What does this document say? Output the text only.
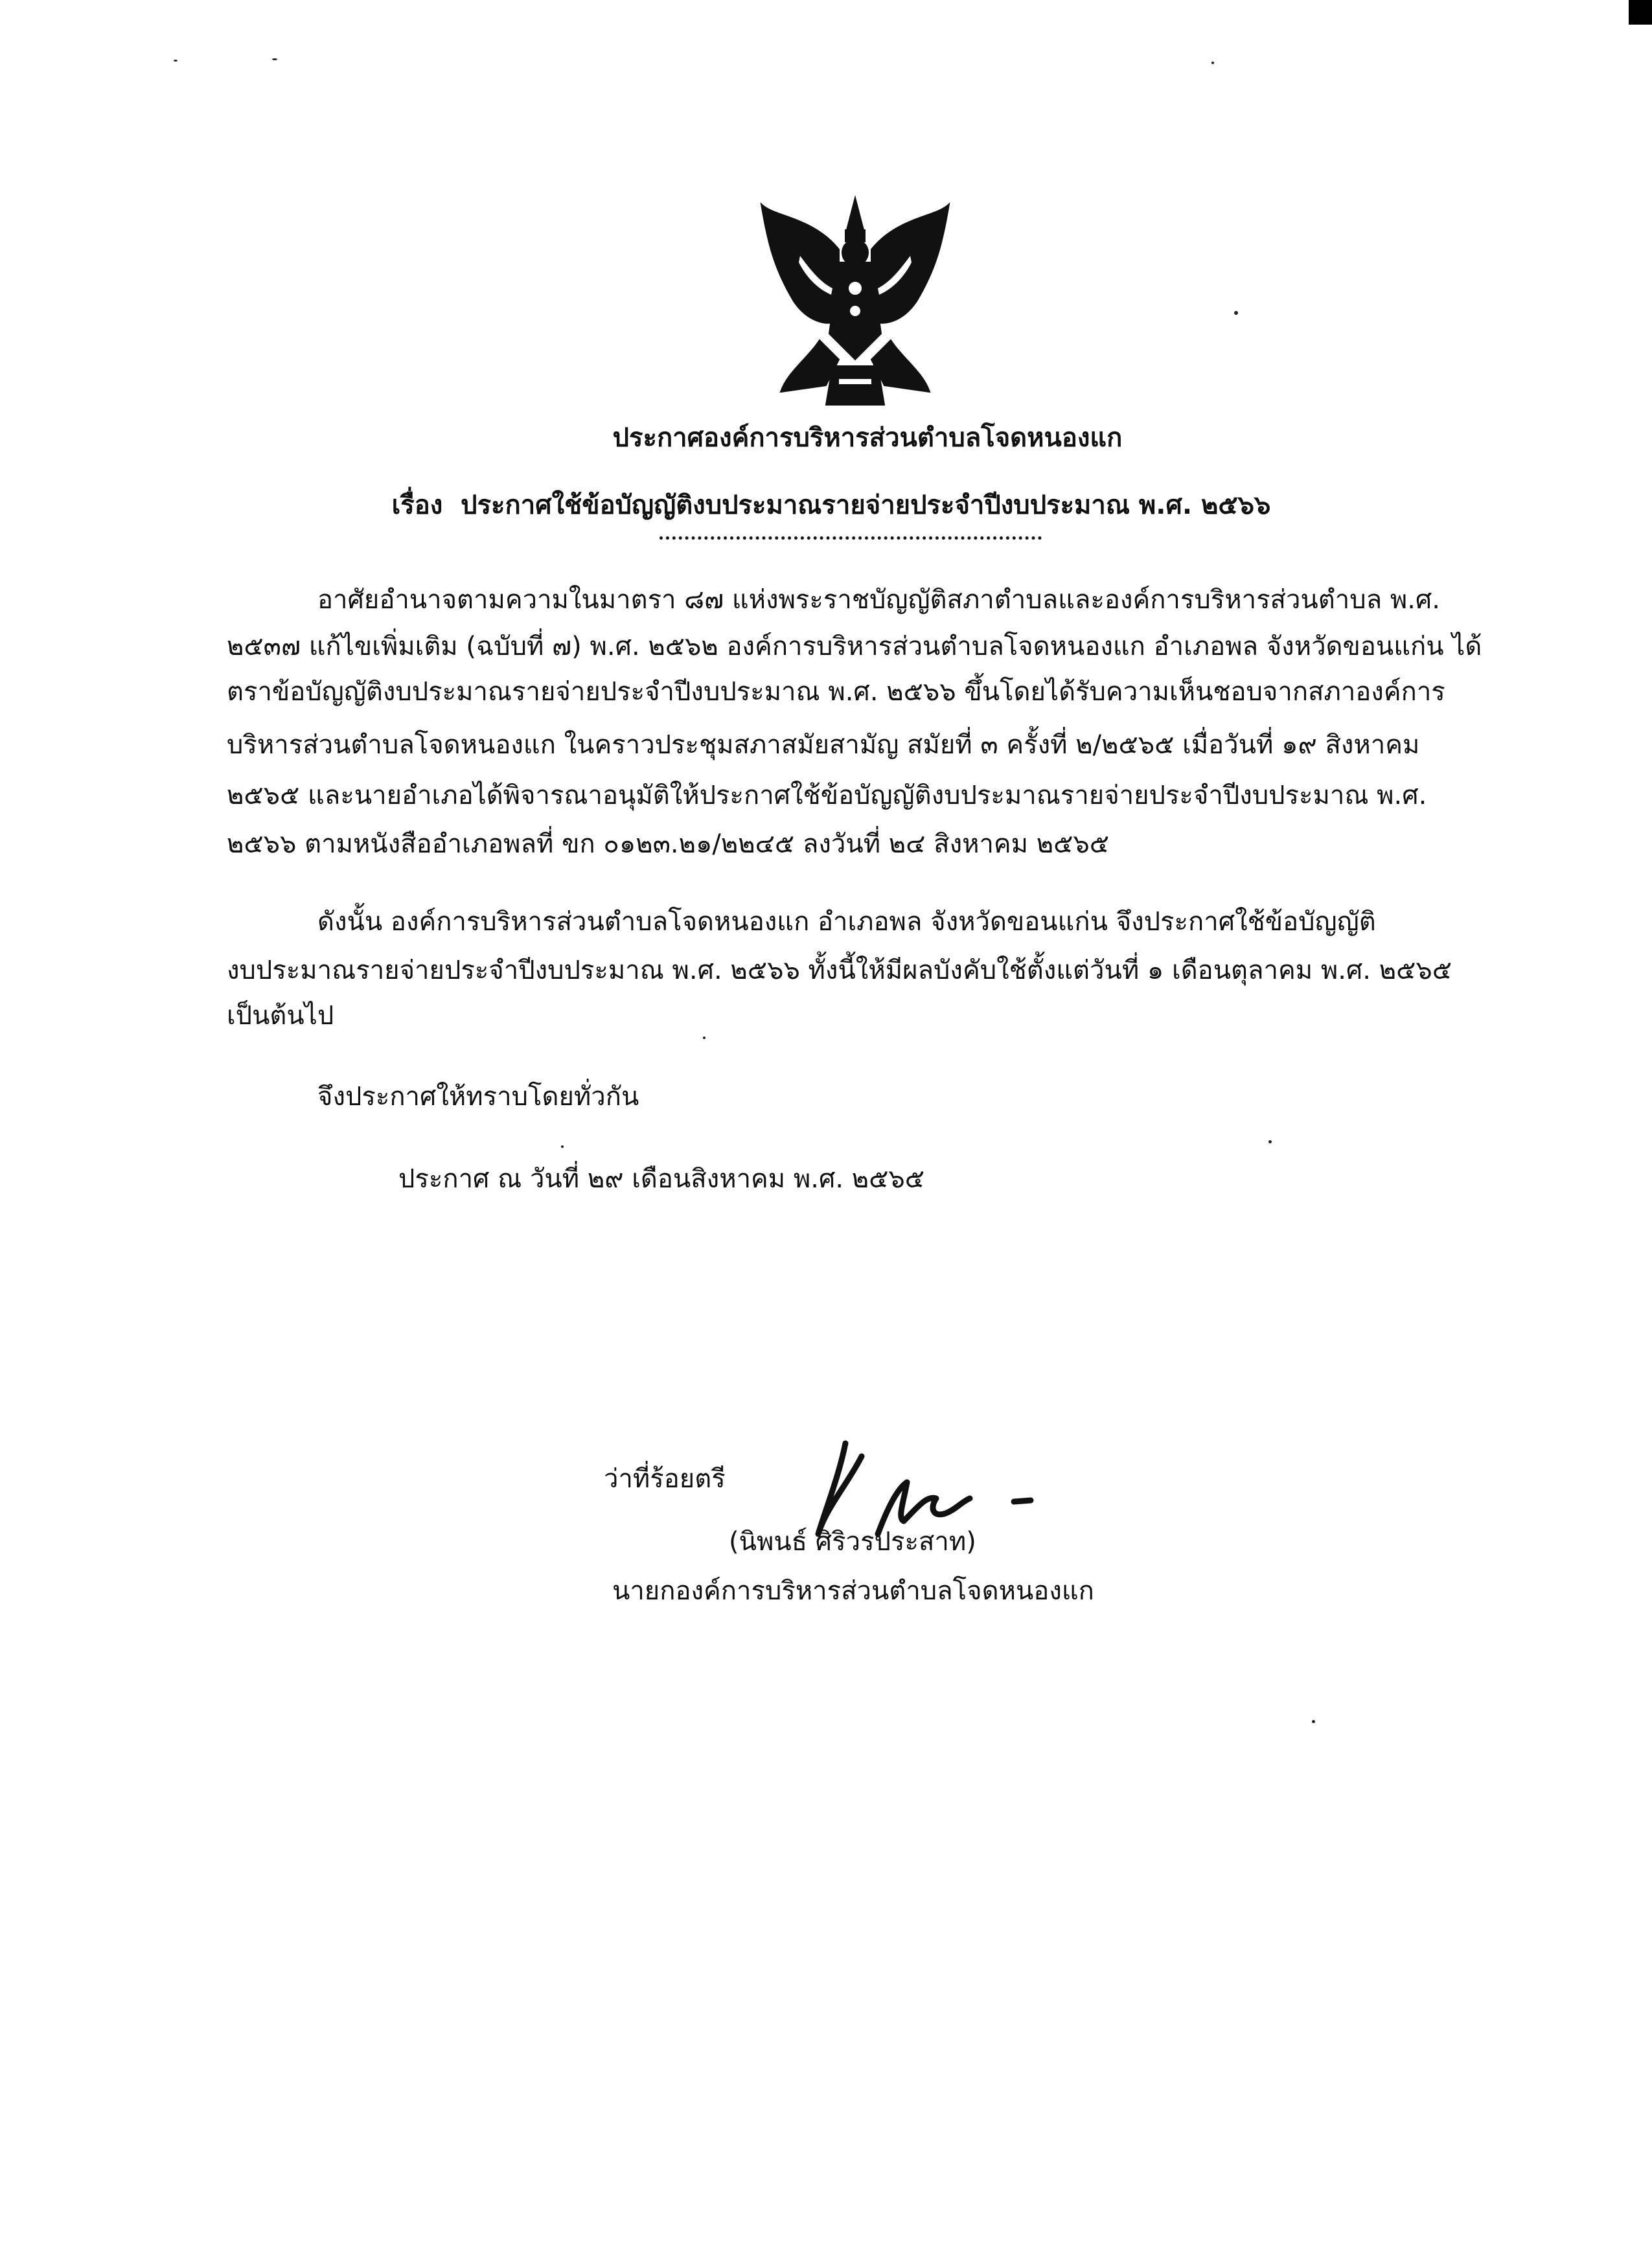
ประกาศองค์การบริหารส่วนตำบลโจดหนองแก
เรื่อง ประกาศใช้ข้อบัญญัติงบประมาณรายจ่ายประจำปีงบประมาณ พ.ศ. ๒๕๖๖
อาศัยอำนาจตามความในมาตรา ๘๗ แห่งพระราชบัญญัติสภาตำบลและองค์การบริหารส่วนตำบล พ.ศ.
๒๕๓๗ แก้ไขเพิ่มเติม (ฉบับที่ ๗) พ.ศ. ๒๕๖๒ องค์การบริหารส่วนตำบลโจดหนองแก อำเภอพล จังหวัดขอนแก่น ได้
ตราข้อบัญญัติงบประมาณรายจ่ายประจำปีงบประมาณ พ.ศ. ๒๕๖๖ ขึ้นโดยได้รับความเห็นชอบจากสภาองค์การ
บริหารส่วนตำบลโจดหนองแก ในคราวประชุมสภาสมัยสามัญ สมัยที่ ๓ ครั้งที่ ๒/๒๕๖๕ เมื่อวันที่ ๑๙ สิงหาคม
๒๕๖๕ และนายอำเภอได้พิจารณาอนุมัติให้ประกาศใช้ข้อบัญญัติงบประมาณรายจ่ายประจำปีงบประมาณ พ.ศ.
๒๕๖๖ ตามหนังสืออำเภอพลที่ ขก ๐๑๒๓.๒๑/๒๒๔๕ ลงวันที่ ๒๔ สิงหาคม ๒๕๖๕
ดังนั้น องค์การบริหารส่วนตำบลโจดหนองแก อำเภอพล จังหวัดขอนแก่น จึงประกาศใช้ข้อบัญญัติ
งบประมาณรายจ่ายประจำปีงบประมาณ พ.ศ. ๒๕๖๖ ทั้งนี้ให้มีผลบังคับใช้ตั้งแต่วันที่ ๑ เดือนตุลาคม พ.ศ. ๒๕๖๕
เป็นต้นไป
จึงประกาศให้ทราบโดยทั่วกัน
ประกาศ ณ วันที่ ๒๙ เดือนสิงหาคม พ.ศ. ๒๕๖๕
ว่าที่ร้อยตรี
(นิพนธ์ ศิริวรประสาท)
นายกองค์การบริหารส่วนตำบลโจดหนองแก
